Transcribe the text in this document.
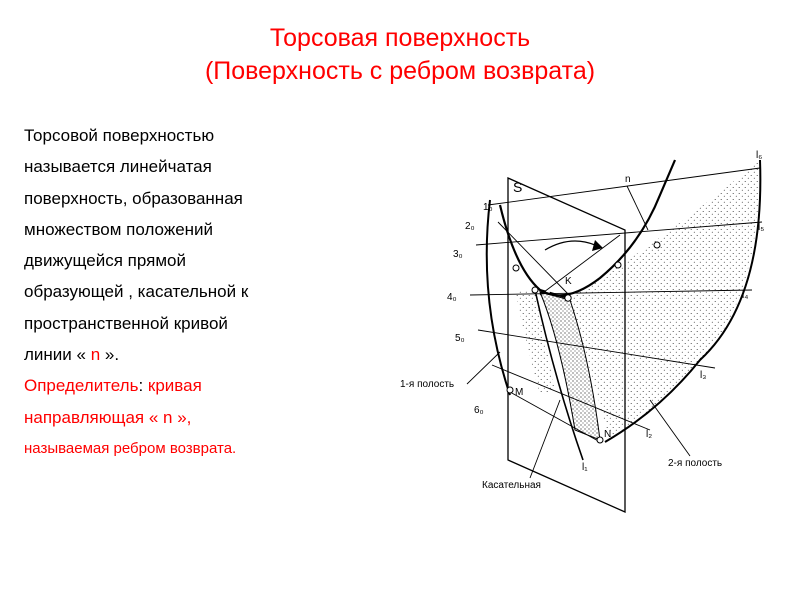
Торсовая поверхность
(Поверхность с ребром возврата)
Торсовой поверхностью
называется линейчатая
поверхность, образованная
множеством положений
движущейся прямой
образующей , касательной к
пространственной кривой
линии « n ».
Определитель: кривая
направляющая « n »,
называемая ребром возврата.
S	n
K
M
N
1₀
2₀
3₀
4₀
5₀
6₀
l₆
l₅
l₄
l₃
l₂
l₁
1-я полость
2-я полость
Касательная
